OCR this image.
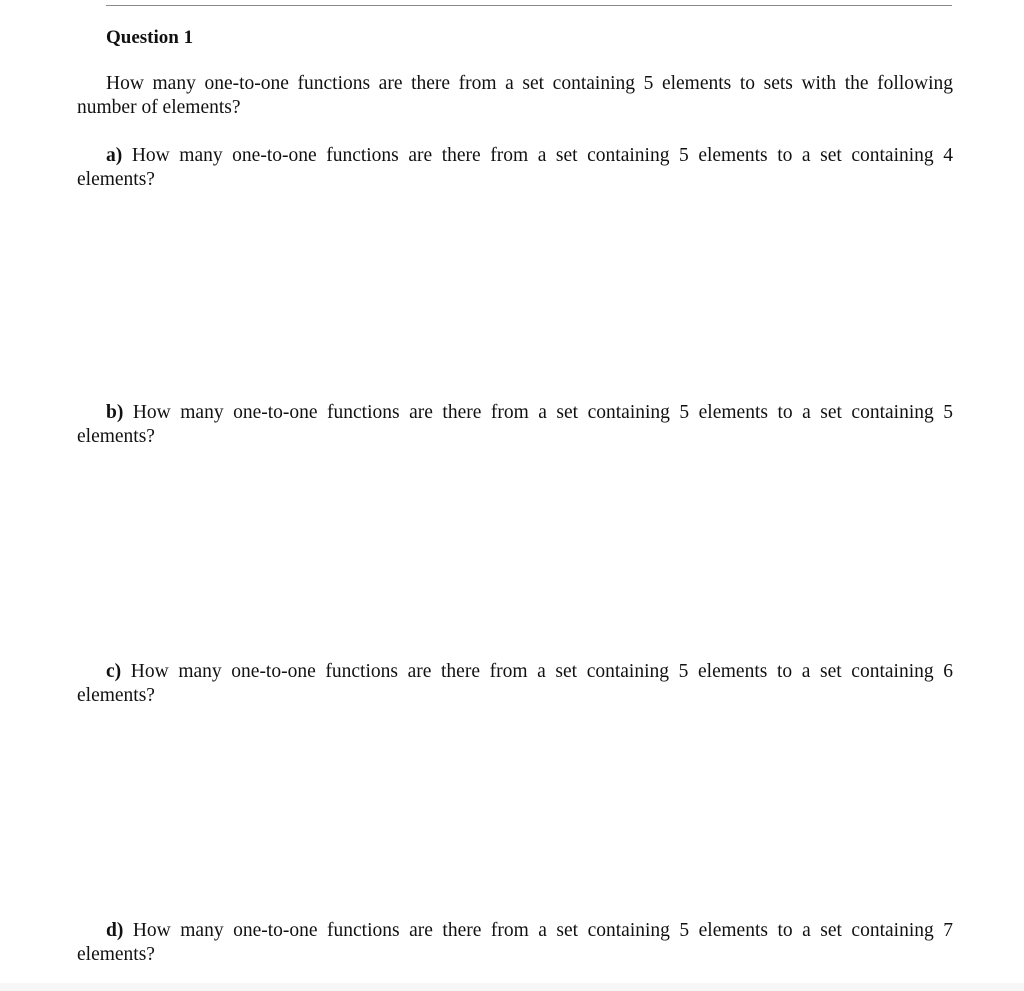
Question 1
How many one-to-one functions are there from a set containing 5 elements to sets with the following number of elements?
a) How many one-to-one functions are there from a set containing 5 elements to a set containing 4 elements?
b) How many one-to-one functions are there from a set containing 5 elements to a set containing 5 elements?
c) How many one-to-one functions are there from a set containing 5 elements to a set containing 6 elements?
d) How many one-to-one functions are there from a set containing 5 elements to a set containing 7 elements?
